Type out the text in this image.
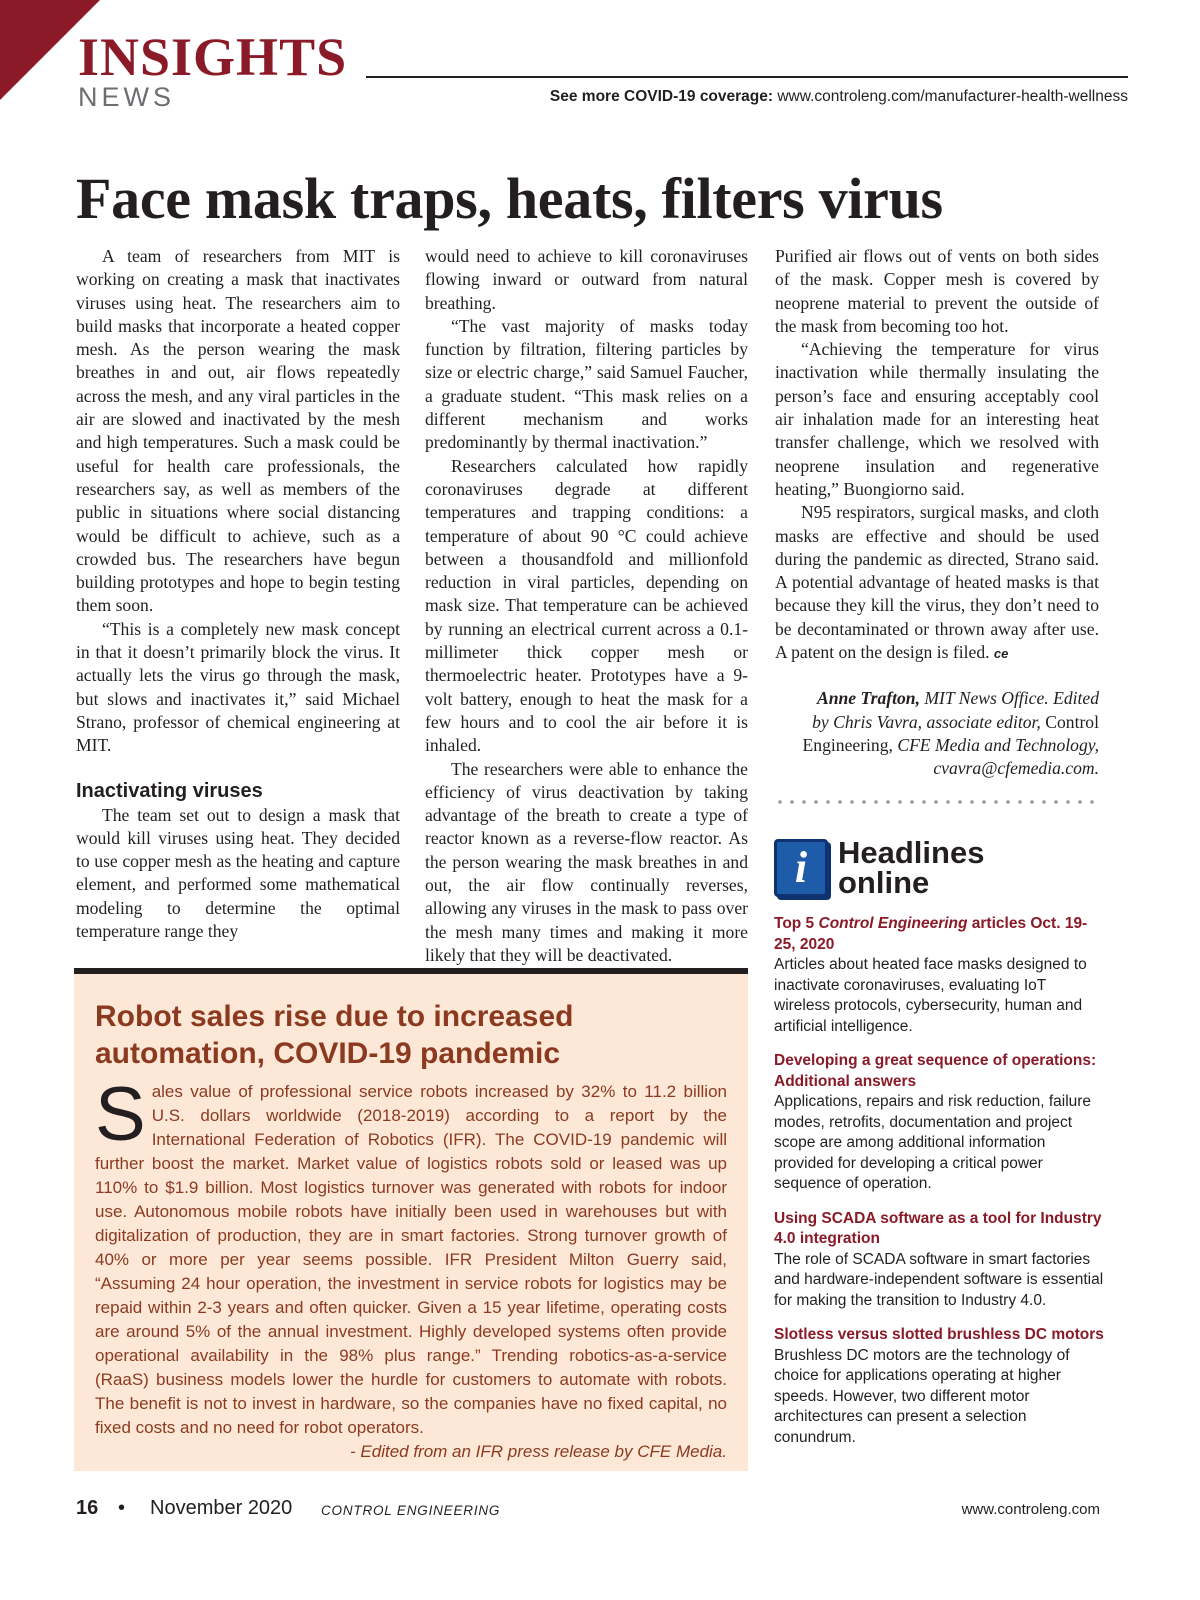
INSIGHTS
NEWS	See more COVID-19 coverage: www.controleng.com/manufacturer-health-wellness
Face mask traps, heats, filters virus

A team of researchers from MIT is working on creating a mask that inactivates viruses using heat. The researchers aim to build masks that incorporate a heated copper mesh. As the person wearing the mask breathes in and out, air flows repeatedly across the mesh, and any viral particles in the air are slowed and inactivated by the mesh and high temperatures. Such a mask could be useful for health care professionals, the researchers say, as well as members of the public in situations where social distancing would be difficult to achieve, such as a crowded bus. The researchers have begun building prototypes and hope to begin testing them soon.

“This is a completely new mask concept in that it doesn’t primarily block the virus. It actually lets the virus go through the mask, but slows and inactivates it,” said Michael Strano, professor of chemical engineering at MIT.

Inactivating viruses

The team set out to design a mask that would kill viruses using heat. They decided to use copper mesh as the heating and capture element, and performed some mathematical modeling to determine the optimal temperature range they

would need to achieve to kill coronaviruses flowing inward or outward from natural breathing.

“The vast majority of masks today function by filtration, filtering particles by size or electric charge,” said Samuel Faucher, a graduate student. “This mask relies on a different mechanism and works predominantly by thermal inactivation.”

Researchers calculated how rapidly coronaviruses degrade at different temperatures and trapping conditions: a temperature of about 90 °C could achieve between a thousandfold and millionfold reduction in viral particles, depending on mask size. That temperature can be achieved by running an electrical current across a 0.1-millimeter thick copper mesh or thermoelectric heater. Prototypes have a 9-volt battery, enough to heat the mask for a few hours and to cool the air before it is inhaled.

The researchers were able to enhance the efficiency of virus deactivation by taking advantage of the breath to create a type of reactor known as a reverse-flow reactor. As the person wearing the mask breathes in and out, the air flow continually reverses, allowing any viruses in the mask to pass over the mesh many times and making it more likely that they will be deactivated.

Purified air flows out of vents on both sides of the mask. Copper mesh is covered by neoprene material to prevent the outside of the mask from becoming too hot.

“Achieving the temperature for virus inactivation while thermally insulating the person’s face and ensuring acceptably cool air inhalation made for an interesting heat transfer challenge, which we resolved with neoprene insulation and regenerative heating,” Buongiorno said.

N95 respirators, surgical masks, and cloth masks are effective and should be used during the pandemic as directed, Strano said. A potential advantage of heated masks is that because they kill the virus, they don’t need to be decontaminated or thrown away after use. A patent on the design is filed. ce

Anne Trafton, MIT News Office. Edited by Chris Vavra, associate editor, Control Engineering, CFE Media and Technology, cvavra@cfemedia.com.

i Headlines
online
Top 5 Control Engineering articles Oct. 19-25, 2020
Articles about heated face masks designed to inactivate coronaviruses, evaluating IoT wireless protocols, cybersecurity, human and artificial intelligence.
Developing a great sequence of operations: Additional answers
Applications, repairs and risk reduction, failure modes, retrofits, documentation and project scope are among additional information provided for developing a critical power sequence of operation.
Using SCADA software as a tool for Industry 4.0 integration
The role of SCADA software in smart factories and hardware-independent software is essential for making the transition to Industry 4.0.
Slotless versus slotted brushless DC motors
Brushless DC motors are the technology of choice for applications operating at higher speeds. However, two different motor architectures can present a selection conundrum.
Robot sales rise due to increased automation, COVID-19 pandemic
Sales value of professional service robots increased by 32% to 11.2 billion U.S. dollars worldwide (2018-2019) according to a report by the International Federation of Robotics (IFR). The COVID-19 pandemic will further boost the market. Market value of logistics robots sold or leased was up 110% to $1.9 billion. Most logistics turnover was generated with robots for indoor use. Autonomous mobile robots have initially been used in warehouses but with digitalization of production, they are in smart factories. Strong turnover growth of 40% or more per year seems possible. IFR President Milton Guerry said, “Assuming 24 hour operation, the investment in service robots for logistics may be repaid within 2-3 years and often quicker. Given a 15 year lifetime, operating costs are around 5% of the annual investment. Highly developed systems often provide operational availability in the 98% plus range.” Trending robotics-as-a-service (RaaS) business models lower the hurdle for customers to automate with robots. The benefit is not to invest in hardware, so the companies have no fixed capital, no fixed costs and no need for robot operators.
- Edited from an IFR press release by CFE Media.
16 • November 2020 CONTROL ENGINEERING	www.controleng.com
